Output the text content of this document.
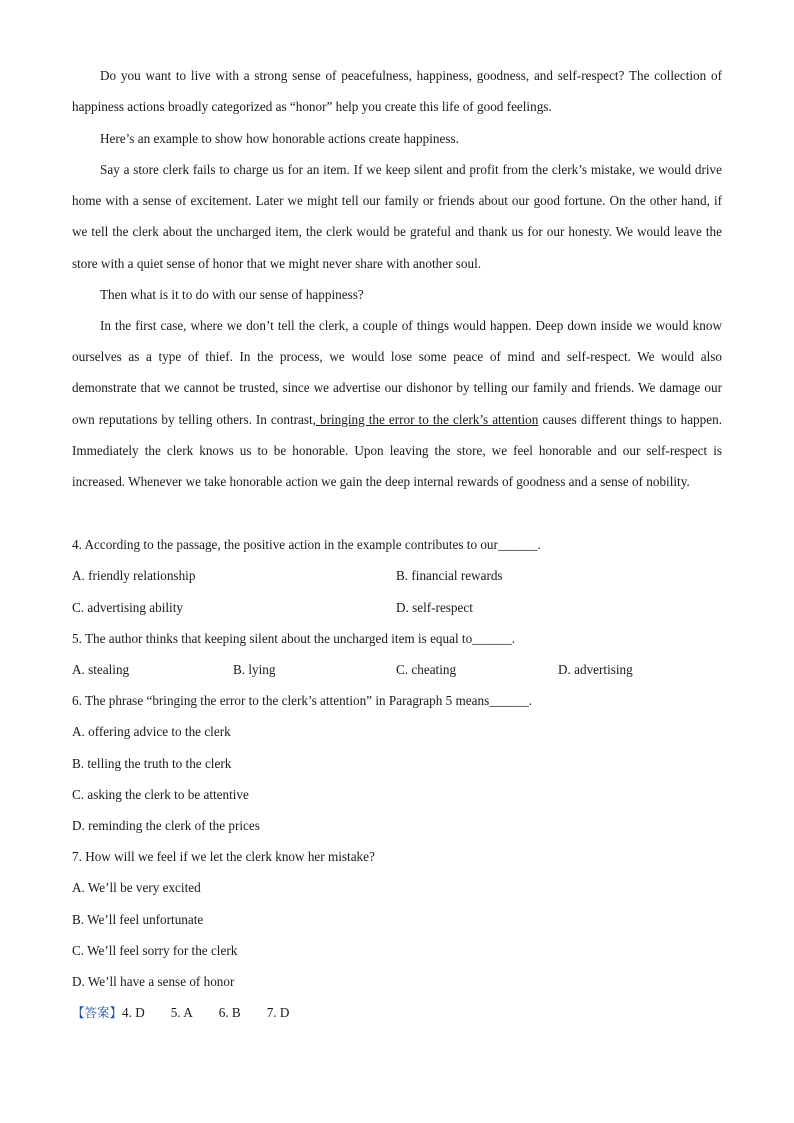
Do you want to live with a strong sense of peacefulness, happiness, goodness, and self-respect? The collection of happiness actions broadly categorized as “honor” help you create this life of good feelings.

Here’s an example to show how honorable actions create happiness.

Say a store clerk fails to charge us for an item. If we keep silent and profit from the clerk’s mistake, we would drive home with a sense of excitement. Later we might tell our family or friends about our good fortune. On the other hand, if we tell the clerk about the uncharged item, the clerk would be grateful and thank us for our honesty. We would leave the store with a quiet sense of honor that we might never share with another soul.

Then what is it to do with our sense of happiness?

In the first case, where we don’t tell the clerk, a couple of things would happen. Deep down inside we would know ourselves as a type of thief. In the process, we would lose some peace of mind and self-respect. We would also demonstrate that we cannot be trusted, since we advertise our dishonor by telling our family and friends. We damage our own reputations by telling others. In contrast, bringing the error to the clerk’s attention causes different things to happen. Immediately the clerk knows us to be honorable. Upon leaving the store, we feel honorable and our self-respect is increased. Whenever we take honorable action we gain the deep internal rewards of goodness and a sense of nobility.

4. According to the passage, the positive action in the example contributes to our______.
A. friendly relationship	B. financial rewards
C. advertising ability	D. self-respect
5. The author thinks that keeping silent about the uncharged item is equal to______.
A. stealing	B. lying	C. cheating	D. advertising
6. The phrase “bringing the error to the clerk’s attention” in Paragraph 5 means______.
A. offering advice to the clerk
B. telling the truth to the clerk
C. asking the clerk to be attentive
D. reminding the clerk of the prices
7. How will we feel if we let the clerk know her mistake?
A. We’ll be very excited
B. We’ll feel unfortunate
C. We’ll feel sorry for the clerk
D. We’ll have a sense of honor
【答案】4. D 5. A 6. B 7. D
